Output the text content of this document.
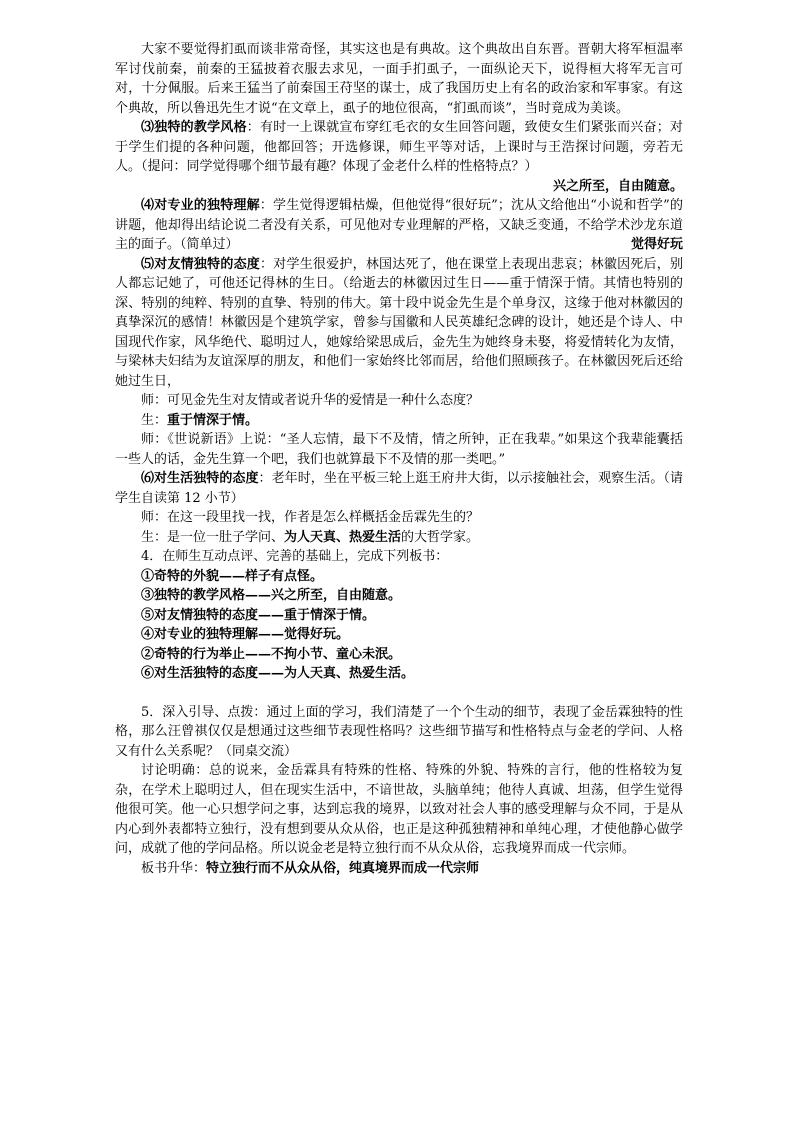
大家不要觉得扪虱而谈非常奇怪，其实这也是有典故。这个典故出自东晋。晋朝大将军桓温率军讨伐前秦，前秦的王猛披着衣服去求见，一面手扪虱子，一面纵论天下，说得桓大将军无言可对，十分佩服。后来王猛当了前秦国王苻坚的谋士，成了我国历史上有名的政治家和军事家。有这个典故，所以鲁迅先生才说“在文章上，虱子的地位很高，“扪虱而谈”，当时竟成为美谈。

⑶独特的教学风格：有时一上课就宣布穿红毛衣的女生回答问题，致使女生们紧张而兴奋；对于学生们提的各种问题，他都回答；开选修课，师生平等对话，上课时与王浩探讨问题，旁若无人。（提问：同学觉得哪个细节最有趣？体现了金老什么样的性格特点？）

兴之所至，自由随意。

⑷对专业的独特理解：学生觉得逻辑枯燥，但他觉得“很好玩”；沈从文给他出“小说和哲学”的讲题，他却得出结论说二者没有关系，可见他对专业理解的严格，又缺乏变通，不给学术沙龙东道主的面子。（简单过）	觉得好玩

⑸对友情独特的态度：对学生很爱护，林国达死了，他在课堂上表现出悲哀；林徽因死后，别人都忘记她了，可他还记得林的生日。（给逝去的林徽因过生日——重于情深于情。其情也特别的深、特别的纯粹、特别的直挚、特别的伟大。第十段中说金先生是个单身汉，这缘于他对林徽因的真挚深沉的感情！林徽因是个建筑学家，曾参与国徽和人民英雄纪念碑的设计，她还是个诗人、中国现代作家，风华绝代、聪明过人，她嫁给梁思成后，金先生为她终身未娶，将爱情转化为友情，与梁林夫妇结为友谊深厚的朋友，和他们一家始终比邻而居，给他们照顾孩子。在林徽因死后还给她过生日，

师：可见金先生对友情或者说升华的爱情是一种什么态度？

生：重于情深于情。

师：《世说新语》上说：“圣人忘情，最下不及情，情之所钟，正在我辈。”如果这个我辈能囊括一些人的话，金先生算一个吧，我们也就算最下不及情的那一类吧。”

⑹对生活独特的态度：老年时，坐在平板三轮上逛王府井大街，以示接触社会，观察生活。（请学生自读第 12 小节）

师：在这一段里找一找，作者是怎么样概括金岳霖先生的？

生：是一位一肚子学问、为人天真、热爱生活的大哲学家。

4．在师生互动点评、完善的基础上，完成下列板书：

①奇特的外貌——样子有点怪。

③独特的教学风格——兴之所至，自由随意。

⑤对友情独特的态度——重于情深于情。

④对专业的独特理解——觉得好玩。

②奇特的行为举止——不拘小节、童心未泯。

⑥对生活独特的态度——为人天真、热爱生活。

5．深入引导、点拨：通过上面的学习，我们清楚了一个个生动的细节，表现了金岳霖独特的性格，那么汪曾祺仅仅是想通过这些细节表现性格吗？这些细节描写和性格特点与金老的学问、人格又有什么关系呢？（同桌交流）

讨论明确：总的说来，金岳霖具有特殊的性格、特殊的外貌、特殊的言行，他的性格较为复杂，在学术上聪明过人，但在现实生活中，不谙世故，头脑单纯；他待人真诚、坦荡，但学生觉得他很可笑。他一心只想学问之事，达到忘我的境界，以致对社会人事的感受理解与众不同，于是从内心到外表都特立独行，没有想到要从众从俗，也正是这种孤独精神和单纯心理，才使他静心做学问，成就了他的学问品格。所以说金老是特立独行而不从众从俗，忘我境界而成一代宗师。

板书升华：特立独行而不从众从俗，纯真境界而成一代宗师
